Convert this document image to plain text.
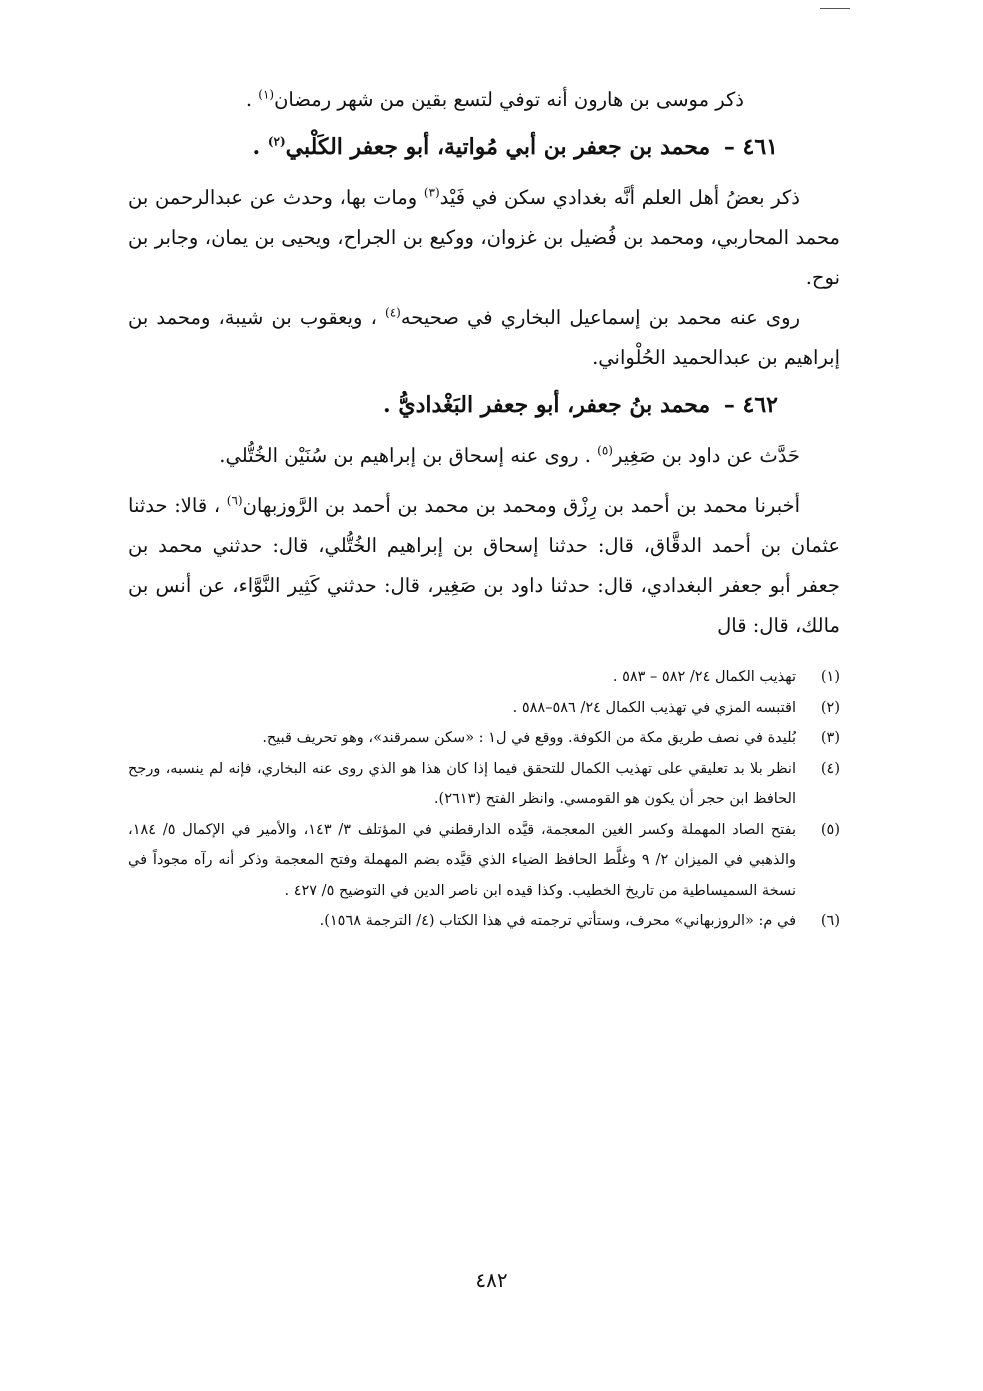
ذكر موسى بن هارون أنه توفي لتسع بقين من شهر رمضان$^{(١)}$ .

٤٦١ – محمد بن جعفر بن أبي مُواتية، أبو جعفر الكَلْبي$^{(٢)}$ .

ذكر بعضُ أهل العلم أنَّه بغدادي سكن في فَيْد$^{(٣)}$ ومات بها، وحدث عن عبدالرحمن بن محمد المحاربي، ومحمد بن فُضيل بن غزوان، ووكيع بن الجراح، ويحيى بن يمان، وجابر بن نوح.

روى عنه محمد بن إسماعيل البخاري في صحيحه$^{(٤)}$ ، ويعقوب بن شيبة، ومحمد بن إبراهيم بن عبدالحميد الحُلْواني.

٤٦٢ – محمد بنُ جعفر، أبو جعفر البَغْداديُّ .

حَدَّث عن داود بن صَغِير$^{(٥)}$ . روى عنه إسحاق بن إبراهيم بن سُنَيْن الخُتُّلي.

أخبرنا محمد بن أحمد بن رِزْق ومحمد بن محمد بن أحمد بن الرَّوزبهان$^{(٦)}$ ، قالا: حدثنا عثمان بن أحمد الدقَّاق، قال: حدثنا إسحاق بن إبراهيم الخُتُّلي، قال: حدثني محمد بن جعفر أبو جعفر البغدادي، قال: حدثنا داود بن صَغِير، قال: حدثني كَثِير النَّوَّاء، عن أنس بن مالك، قال: قال

(١)
تهذيب الكمال ٢٤/ ٥٨٢ – ٥٨٣ .
(٢)
اقتبسه المزي في تهذيب الكمال ٢٤/ ٥٨٦–٥٨٨ .
(٣)
بُليدة في نصف طريق مكة من الكوفة. ووقع في ل١ : «سكن سمرقند»، وهو تحريف قبيح.
(٤)
انظر بلا بد تعليقي على تهذيب الكمال للتحقق فيما إذا كان هذا هو الذي روى عنه البخاري، فإنه لم ينسبه، ورجح الحافظ ابن حجر أن يكون هو القومسي. وانظر الفتح (٢٦١٣).
(٥)
بفتح الصاد المهملة وكسر الغين المعجمة، قيَّده الدارقطني في المؤتلف ٣/ ١٤٣، والأمير في الإكمال ٥/ ١٨٤، والذهبي في الميزان ٢/ ٩ وغلَّط الحافظ الضياء الذي قيَّده بضم المهملة وفتح المعجمة وذكر أنه رآه مجوداً في نسخة السميساطية من تاريخ الخطيب. وكذا قيده ابن ناصر الدين في التوضيح ٥/ ٤٢٧ .
(٦)
في م: «الروزبهاني» محرف، وستأتي ترجمته في هذا الكتاب (٤/ الترجمة ١٥٦٨).
٤٨٢
